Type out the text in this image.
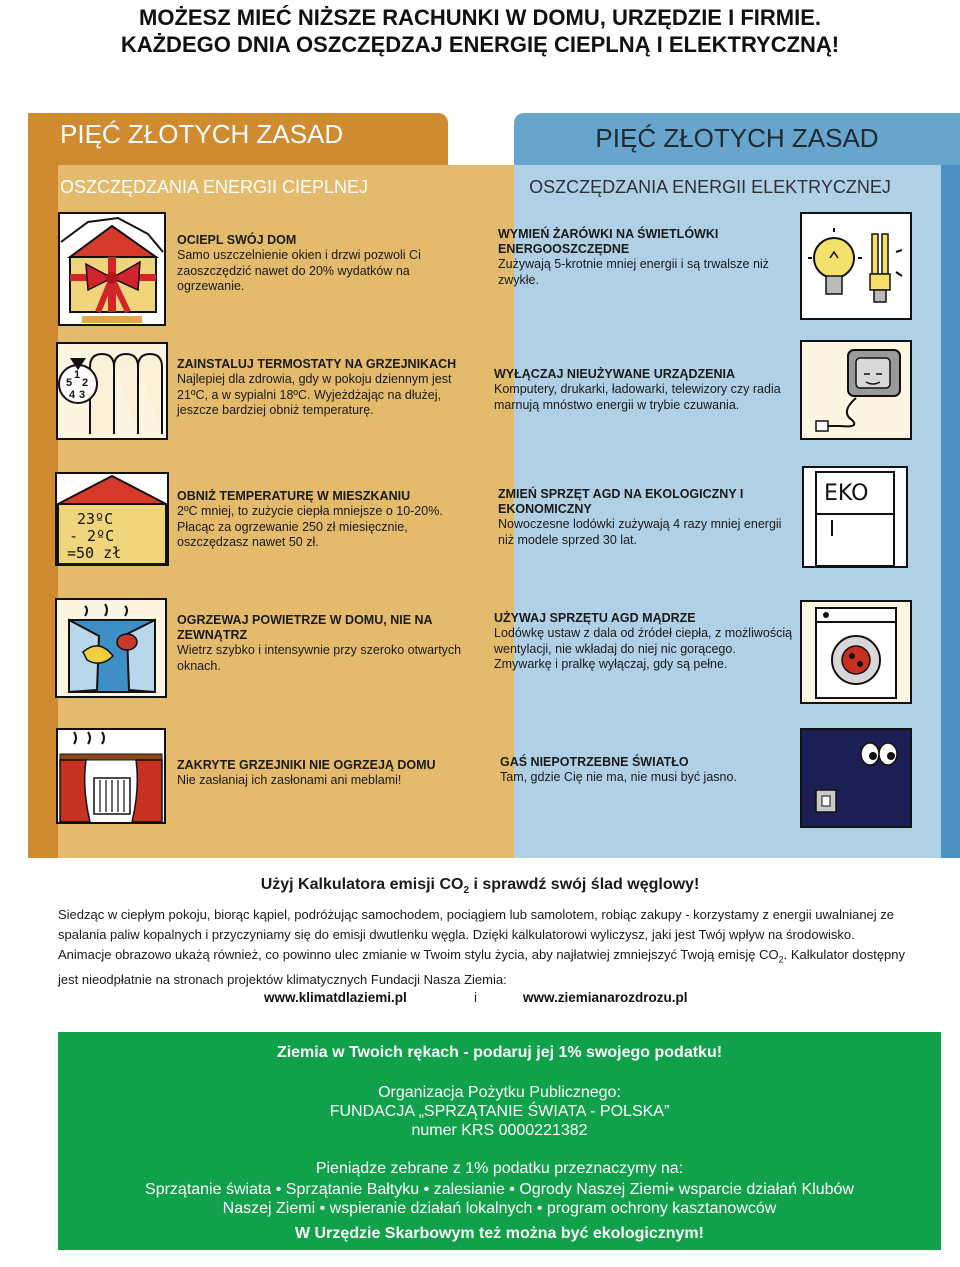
MOŻESZ MIEĆ NIŻSZE RACHUNKI W DOMU, URZĘDZIE I FIRMIE.
KAŻDEGO DNIA OSZCZĘDZAJ ENERGIĘ CIEPLNĄ I ELEKTRYCZNĄ!
PIĘĆ ZŁOTYCH ZASAD
OSZCZĘDZANIA ENERGII CIEPLNEJ
PIĘĆ ZŁOTYCH ZASAD
OSZCZĘDZANIA ENERGII ELEKTRYCZNEJ
OCIEPL SWÓJ DOM
Samo uszczelnienie okien i drzwi pozwoli Ci zaoszczędzić nawet do 20% wydatków na ogrzewanie.
5
1
2
4 3
ZAINSTALUJ TERMOSTATY NA GRZEJNIKACH
Najlepiej dla zdrowia, gdy w pokoju dziennym jest 21ºC, a w sypialni 18ºC. Wyjeżdżając na dłużej, jeszcze bardziej obniż temperaturę.
23ºC
- 2ºC
=50 zł
OBNIŻ TEMPERATURĘ W MIESZKANIU
2ºC mniej, to zużycie ciepła mniejsze o 10-20%. Płacąc za ogrzewanie 250 zł miesięcznie, oszczędzasz nawet 50 zł.
OGRZEWAJ POWIETRZE W DOMU, NIE NA ZEWNĄTRZ
Wietrz szybko i intensywnie przy szeroko otwartych oknach.
ZAKRYTE GRZEJNIKI NIE OGRZEJĄ DOMU
Nie zasłaniaj ich zasłonami ani meblami!
WYMIEŃ ŻARÓWKI NA ŚWIETLÓWKI ENERGOOSZCZĘDNE
Zużywają 5-krotnie mniej energii i są trwalsze niż zwykłe.
WYŁĄCZAJ NIEUŻYWANE URZĄDZENIA
Komputery, drukarki, ładowarki, telewizory czy radia marnują mnóstwo energii w trybie czuwania.
ZMIEŃ SPRZĘT AGD NA EKOLOGICZNY I EKONOMICZNY
Nowoczesne lodówki zużywają 4 razy mniej energii niż modele sprzed 30 lat.
EKO
UŻYWAJ SPRZĘTU AGD MĄDRZE
Lodówkę ustaw z dala od źródeł ciepła, z możliwością wentylacji, nie wkładaj do niej nic gorącego. Zmywarkę i pralkę wyłączaj, gdy są pełne.
GAŚ NIEPOTRZEBNE ŚWIATŁO
Tam, gdzie Cię nie ma, nie musi być jasno.
Użyj Kalkulatora emisji $CO_2$ i sprawdź swój ślad węglowy!
Siedząc w ciepłym pokoju, biorąc kąpiel, podróżując samochodem, pociągiem lub samolotem, robiąc zakupy - korzystamy z energii uwalnianej ze spalania paliw kopalnych i przyczyniamy się do emisji dwutlenku węgla. Dzięki kalkulatorowi wyliczysz, jaki jest Twój wpływ na środowisko. Animacje obrazowo ukażą również, co powinno ulec zmianie w Twoim stylu życia, aby najłatwiej zmniejszyć Twoją emisję $CO_2$. Kalkulator dostępny jest nieodpłatnie na stronach projektów klimatycznych Fundacji Nasza Ziemia:
www.klimatdlaziemi.pl	i	www.ziemianarozdrozu.pl
Ziemia w Twoich rękach - podaruj jej 1% swojego podatku!
Organizacja Pożytku Publicznego:
FUNDACJA „SPRZĄTANIE ŚWIATA - POLSKA”
numer KRS 0000221382
Pieniądze zebrane z 1% podatku przeznaczymy na:
Sprzątanie świata • Sprzątanie Bałtyku • zalesianie • Ogrody Naszej Ziemi• wsparcie działań Klubów
Naszej Ziemi • wspieranie działań lokalnych • program ochrony kasztanowców
W Urzędzie Skarbowym też można być ekologicznym!
